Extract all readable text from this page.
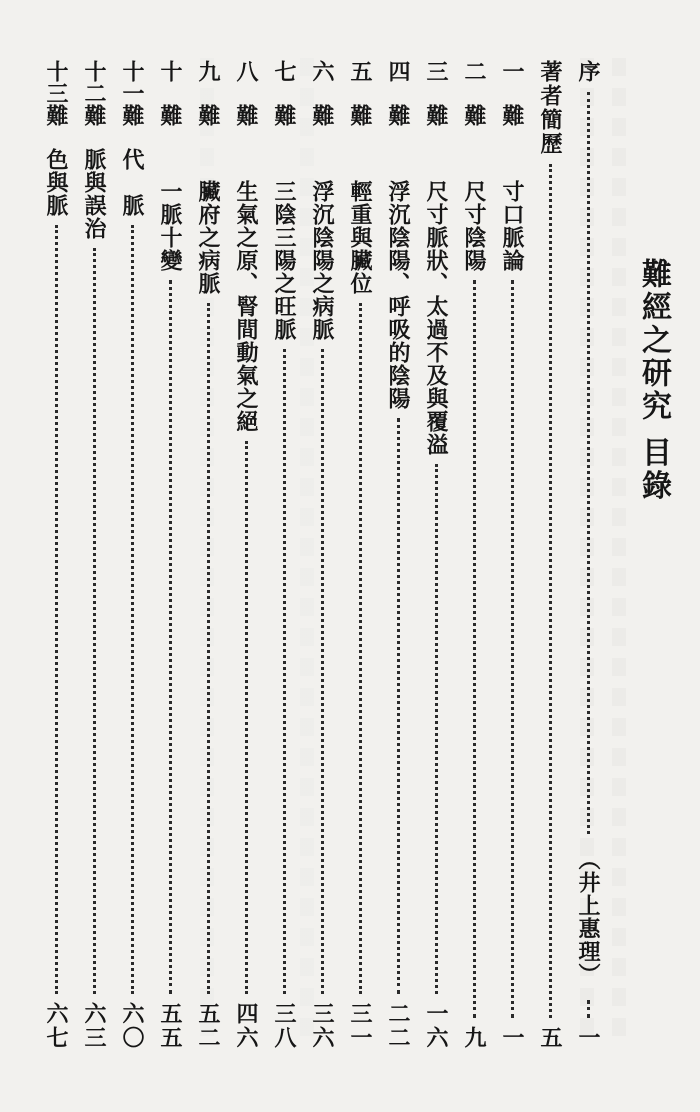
難經之研究 目錄
序
（井上惠理）
一
著者簡歷
五
一　難
寸口脈論
一
二　難
尺寸陰陽
九
三　難
尺寸脈狀、太過不及與覆溢
一六
四　難
浮沉陰陽、呼吸的陰陽
二二
五　難
輕重與臟位
三一
六　難
浮沉陰陽之病脈
三六
七　難
三陰三陽之旺脈
三八
八　難
生氣之原、腎間動氣之絕
四六
九　難
臟府之病脈
五二
十　難
一脈十變
五五
十一難
代　脈
六〇
十二難
脈與誤治
六三
十三難
色與脈
六七
